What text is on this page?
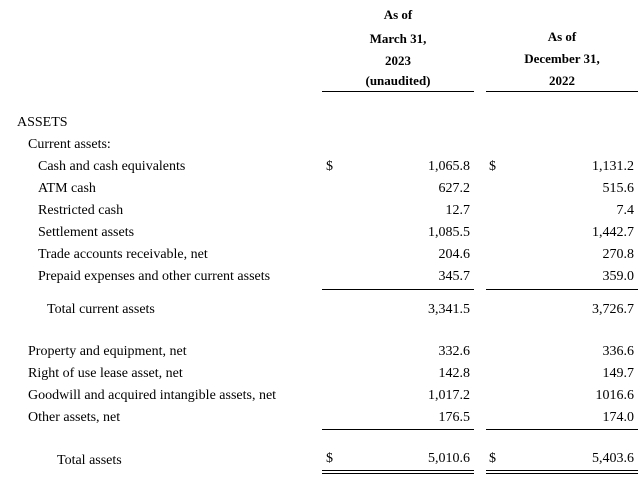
As of
March 31,
2023
(unaudited)
As of
December 31,
2022
ASSETS
Current assets:
Cash and cash equivalents	$	1,065.8 $	1,131.2
ATM cash	627.2	515.6
Restricted cash	12.7	7.4
Settlement assets	1,085.5	1,442.7
Trade accounts receivable, net	204.6	270.8
Prepaid expenses and other current assets	345.7	359.0
Total current assets	3,341.5	3,726.7
Property and equipment, net	332.6	336.6
Right of use lease asset, net	142.8	149.7
Goodwill and acquired intangible assets, net	1,017.2	1016.6
Other assets, net	176.5	174.0
Total assets	$	5,010.6 $	5,403.6
